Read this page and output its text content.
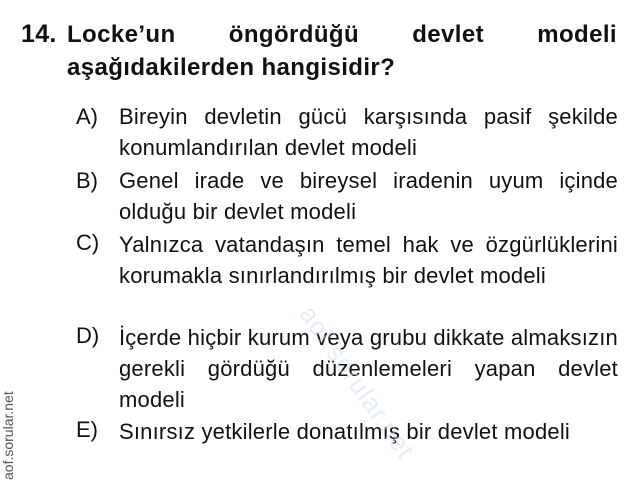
14. Locke’un öngördüğü devlet modeli aşağıdakilerden hangisidir?
A) Bireyin devletin gücü karşısında pasif şekilde konumlandırılan devlet modeli
B) Genel irade ve bireysel iradenin uyum içinde olduğu bir devlet modeli
C) Yalnızca vatandaşın temel hak ve özgürlüklerini korumakla sınırlandırılmış bir devlet modeli
D) İçerde hiçbir kurum veya grubu dikkate almaksızın gerekli gördüğü düzenlemeleri yapan devlet modeli
E) Sınırsız yetkilerle donatılmış bir devlet modeli
aof.sorular.net	aof.sorular.net
